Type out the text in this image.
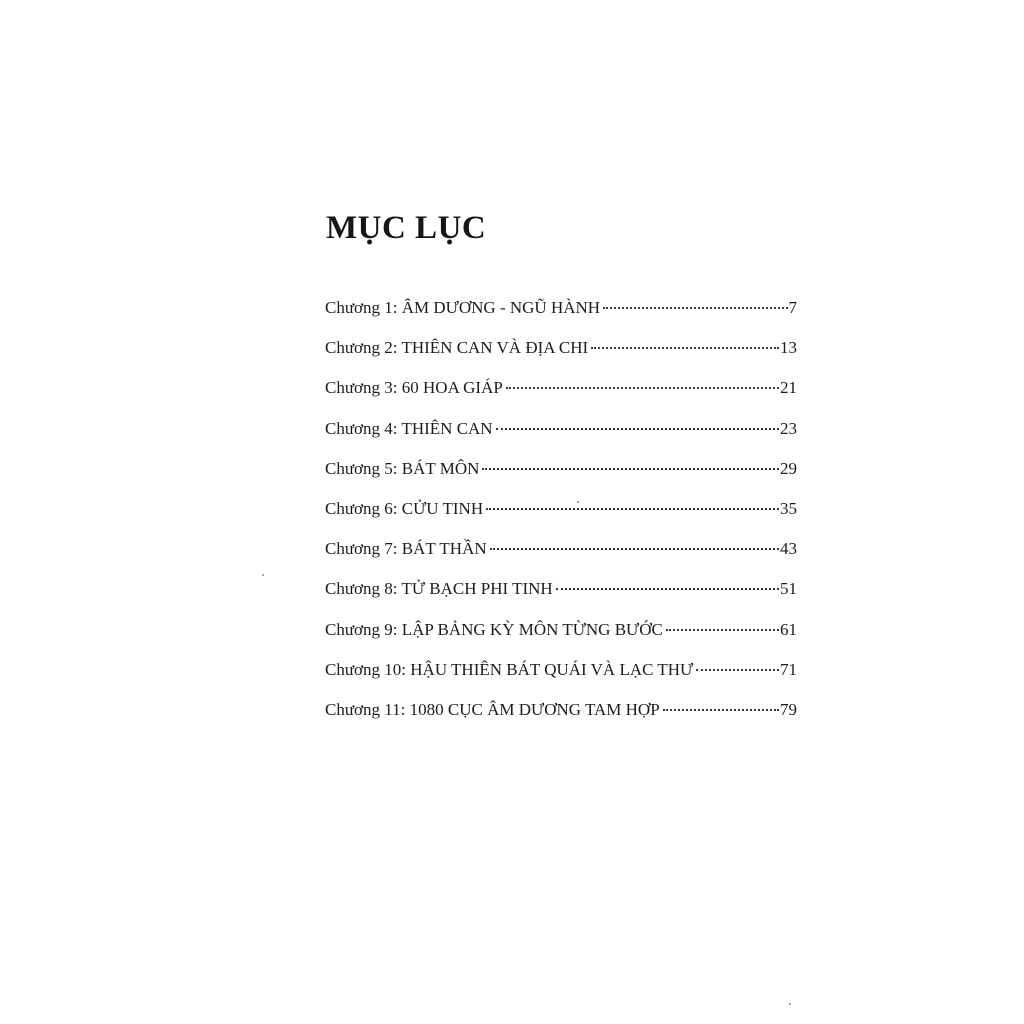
MỤC LỤC
Chương 1: ÂM DƯƠNG - NGŨ HÀNH	7
Chương 2: THIÊN CAN VÀ ĐỊA CHI	13
Chương 3: 60 HOA GIÁP	21
Chương 4: THIÊN CAN	23
Chương 5: BÁT MÔN	29
Chương 6: CỬU TINH	35
Chương 7: BÁT THẦN	43
Chương 8: TỬ BẠCH PHI TINH	51
Chương 9: LẬP BẢNG KỲ MÔN TỪNG BƯỚC	61
Chương 10: HẬU THIÊN BÁT QUÁI VÀ LẠC THƯ	71
Chương 11: 1080 CỤC ÂM DƯƠNG TAM HỢP	79
